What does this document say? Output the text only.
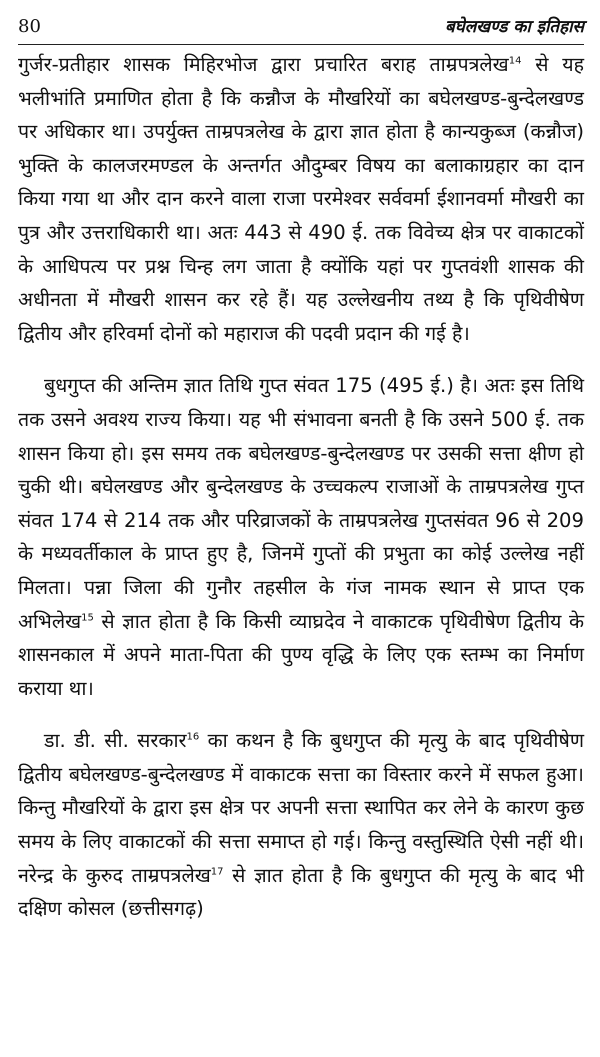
80	बघेलखण्ड का इतिहास

गुर्जर-प्रतीहार शासक मिहिरभोज द्वारा प्रचारित बराह ताम्रपत्रलेख$^{14}$ से यह भलीभांति प्रमाणित होता है कि कन्नौज के मौखरियों का बघेलखण्ड-बुन्देलखण्ड पर अधिकार था। उपर्युक्त ताम्रपत्रलेख के द्वारा ज्ञात होता है कान्यकुब्ज (कन्नौज) भुक्ति के कालजरमण्डल के अन्तर्गत औदुम्बर विषय का बलाकाग्रहार का दान किया गया था और दान करने वाला राजा परमेश्वर सर्ववर्मा ईशानवर्मा मौखरी का पुत्र और उत्तराधिकारी था। अतः 443 से 490 ई. तक विवेच्य क्षेत्र पर वाकाटकों के आधिपत्य पर प्रश्न चिन्ह लग जाता है क्योंकि यहां पर गुप्तवंशी शासक की अधीनता में मौखरी शासन कर रहे हैं। यह उल्लेखनीय तथ्य है कि पृथिवीषेण द्वितीय और हरिवर्मा दोनों को महाराज की पदवी प्रदान की गई है।

बुधगुप्त की अन्तिम ज्ञात तिथि गुप्त संवत 175 (495 ई.) है। अतः इस तिथि तक उसने अवश्य राज्य किया। यह भी संभावना बनती है कि उसने 500 ई. तक शासन किया हो। इस समय तक बघेलखण्ड-बुन्देलखण्ड पर उसकी सत्ता क्षीण हो चुकी थी। बघेलखण्ड और बुन्देलखण्ड के उच्चकल्प राजाओं के ताम्रपत्रलेख गुप्त संवत 174 से 214 तक और परिव्राजकों के ताम्रपत्रलेख गुप्तसंवत 96 से 209 के मध्यवर्तीकाल के प्राप्त हुए है, जिनमें गुप्तों की प्रभुता का कोई उल्लेख नहीं मिलता। पन्ना जिला की गुनौर तहसील के गंज नामक स्थान से प्राप्त एक अभिलेख$^{15}$ से ज्ञात होता है कि किसी व्याघ्रदेव ने वाकाटक पृथिवीषेण द्वितीय के शासनकाल में अपने माता-पिता की पुण्य वृद्धि के लिए एक स्तम्भ का निर्माण कराया था।

डा. डी. सी. सरकार$^{16}$ का कथन है कि बुधगुप्त की मृत्यु के बाद पृथिवीषेण द्वितीय बघेलखण्ड-बुन्देलखण्ड में वाकाटक सत्ता का विस्तार करने में सफल हुआ। किन्तु मौखरियों के द्वारा इस क्षेत्र पर अपनी सत्ता स्थापित कर लेने के कारण कुछ समय के लिए वाकाटकों की सत्ता समाप्त हो गई। किन्तु वस्तुस्थिति ऐसी नहीं थी। नरेन्द्र के कुरुद ताम्रपत्रलेख$^{17}$ से ज्ञात होता है कि बुधगुप्त की मृत्यु के बाद भी दक्षिण कोसल (छत्तीसगढ़)
